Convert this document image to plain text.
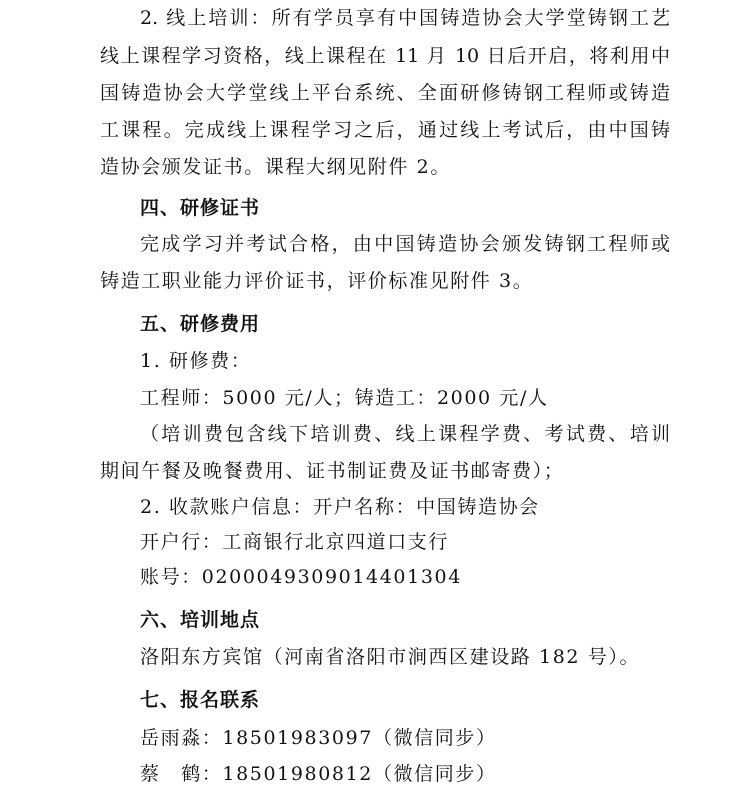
2. 线上培训：所有学员享有中国铸造协会大学堂铸钢工艺
线上课程学习资格，线上课程在 11 月 10 日后开启，将利用中
国铸造协会大学堂线上平台系统、全面研修铸钢工程师或铸造
工课程。完成线上课程学习之后，通过线上考试后，由中国铸
造协会颁发证书。课程大纲见附件 2。
四、研修证书
完成学习并考试合格，由中国铸造协会颁发铸钢工程师或
铸造工职业能力评价证书，评价标准见附件 3。
五、研修费用
1. 研修费：
工程师：5000 元/人；铸造工：2000 元/人
（培训费包含线下培训费、线上课程学费、考试费、培训
期间午餐及晚餐费用、证书制证费及证书邮寄费）；
2. 收款账户信息：开户名称：中国铸造协会
开户行：工商银行北京四道口支行
账号：0200049309014401304
六、培训地点
洛阳东方宾馆（河南省洛阳市涧西区建设路 182 号）。
七、报名联系
岳雨淼：18501983097（微信同步）
蔡　鹤：18501980812（微信同步）
